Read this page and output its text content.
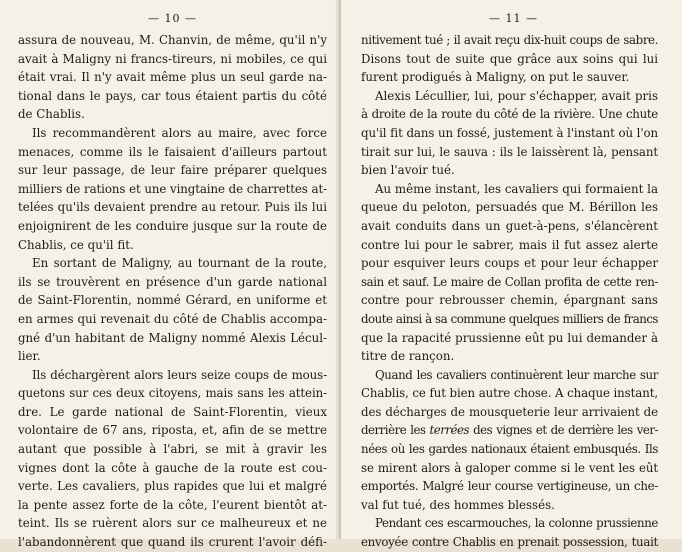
— 10 —

assura de nouveau, M. Chanvin, de même, qu'il n'y
avait à Maligny ni francs-tireurs, ni mobiles, ce qui
était vrai. Il n'y avait même plus un seul garde na-
tional dans le pays, car tous étaient partis du côté
de Chablis.

Ils recommandèrent alors au maire, avec force
menaces, comme ils le faisaient d'ailleurs partout
sur leur passage, de leur faire préparer quelques
milliers de rations et une vingtaine de charrettes at-
telées qu'ils devaient prendre au retour. Puis ils lui
enjoignirent de les conduire jusque sur la route de
Chablis, ce qu'il fit.

En sortant de Maligny, au tournant de la route,
ils se trouvèrent en présence d'un garde national
de Saint-Florentin, nommé Gérard, en uniforme et
en armes qui revenait du côté de Chablis accompa-
gné d'un habitant de Maligny nommé Alexis Lécul-
lier.

Ils déchargèrent alors leurs seize coups de mous-
quetons sur ces deux citoyens, mais sans les attein-
dre. Le garde national de Saint-Florentin, vieux
volontaire de 67 ans, riposta, et, afin de se mettre
autant que possible à l'abri, se mit à gravir les
vignes dont la côte à gauche de la route est cou-
verte. Les cavaliers, plus rapides que lui et malgré
la pente assez forte de la côte, l'eurent bientôt at-
teint. Ils se ruèrent alors sur ce malheureux et ne
l'abandonnèrent que quand ils crurent l'avoir défi-

— 11 —

nitivement tué ; il avait reçu dix-huit coups de sabre.
Disons tout de suite que grâce aux soins qui lui
furent prodigués à Maligny, on put le sauver.

Alexis Lécullier, lui, pour s'échapper, avait pris
à droite de la route du côté de la rivière. Une chute
qu'il fit dans un fossé, justement à l'instant où l'on
tirait sur lui, le sauva : ils le laissèrent là, pensant
bien l'avoir tué.

Au même instant, les cavaliers qui formaient la
queue du peloton, persuadés que M. Bérillon les
avait conduits dans un guet-à-pens, s'élancèrent
contre lui pour le sabrer, mais il fut assez alerte
pour esquiver leurs coups et pour leur échapper
sain et sauf. Le maire de Collan profita de cette ren-
contre pour rebrousser chemin, épargnant sans
doute ainsi à sa commune quelques milliers de francs
que la rapacité prussienne eût pu lui demander à
titre de rançon.

Quand les cavaliers continuèrent leur marche sur
Chablis, ce fut bien autre chose. A chaque instant,
des décharges de mousqueterie leur arrivaient de
derrière les terrées des vignes et de derrière les ver-
nées où les gardes nationaux étaient embusqués. Ils
se mirent alors à galoper comme si le vent les eût
emportés. Malgré leur course vertigineuse, un che-
val fut tué, des hommes blessés.

Pendant ces escarmouches, la colonne prussienne
envoyée contre Chablis en prenait possession, tuait
